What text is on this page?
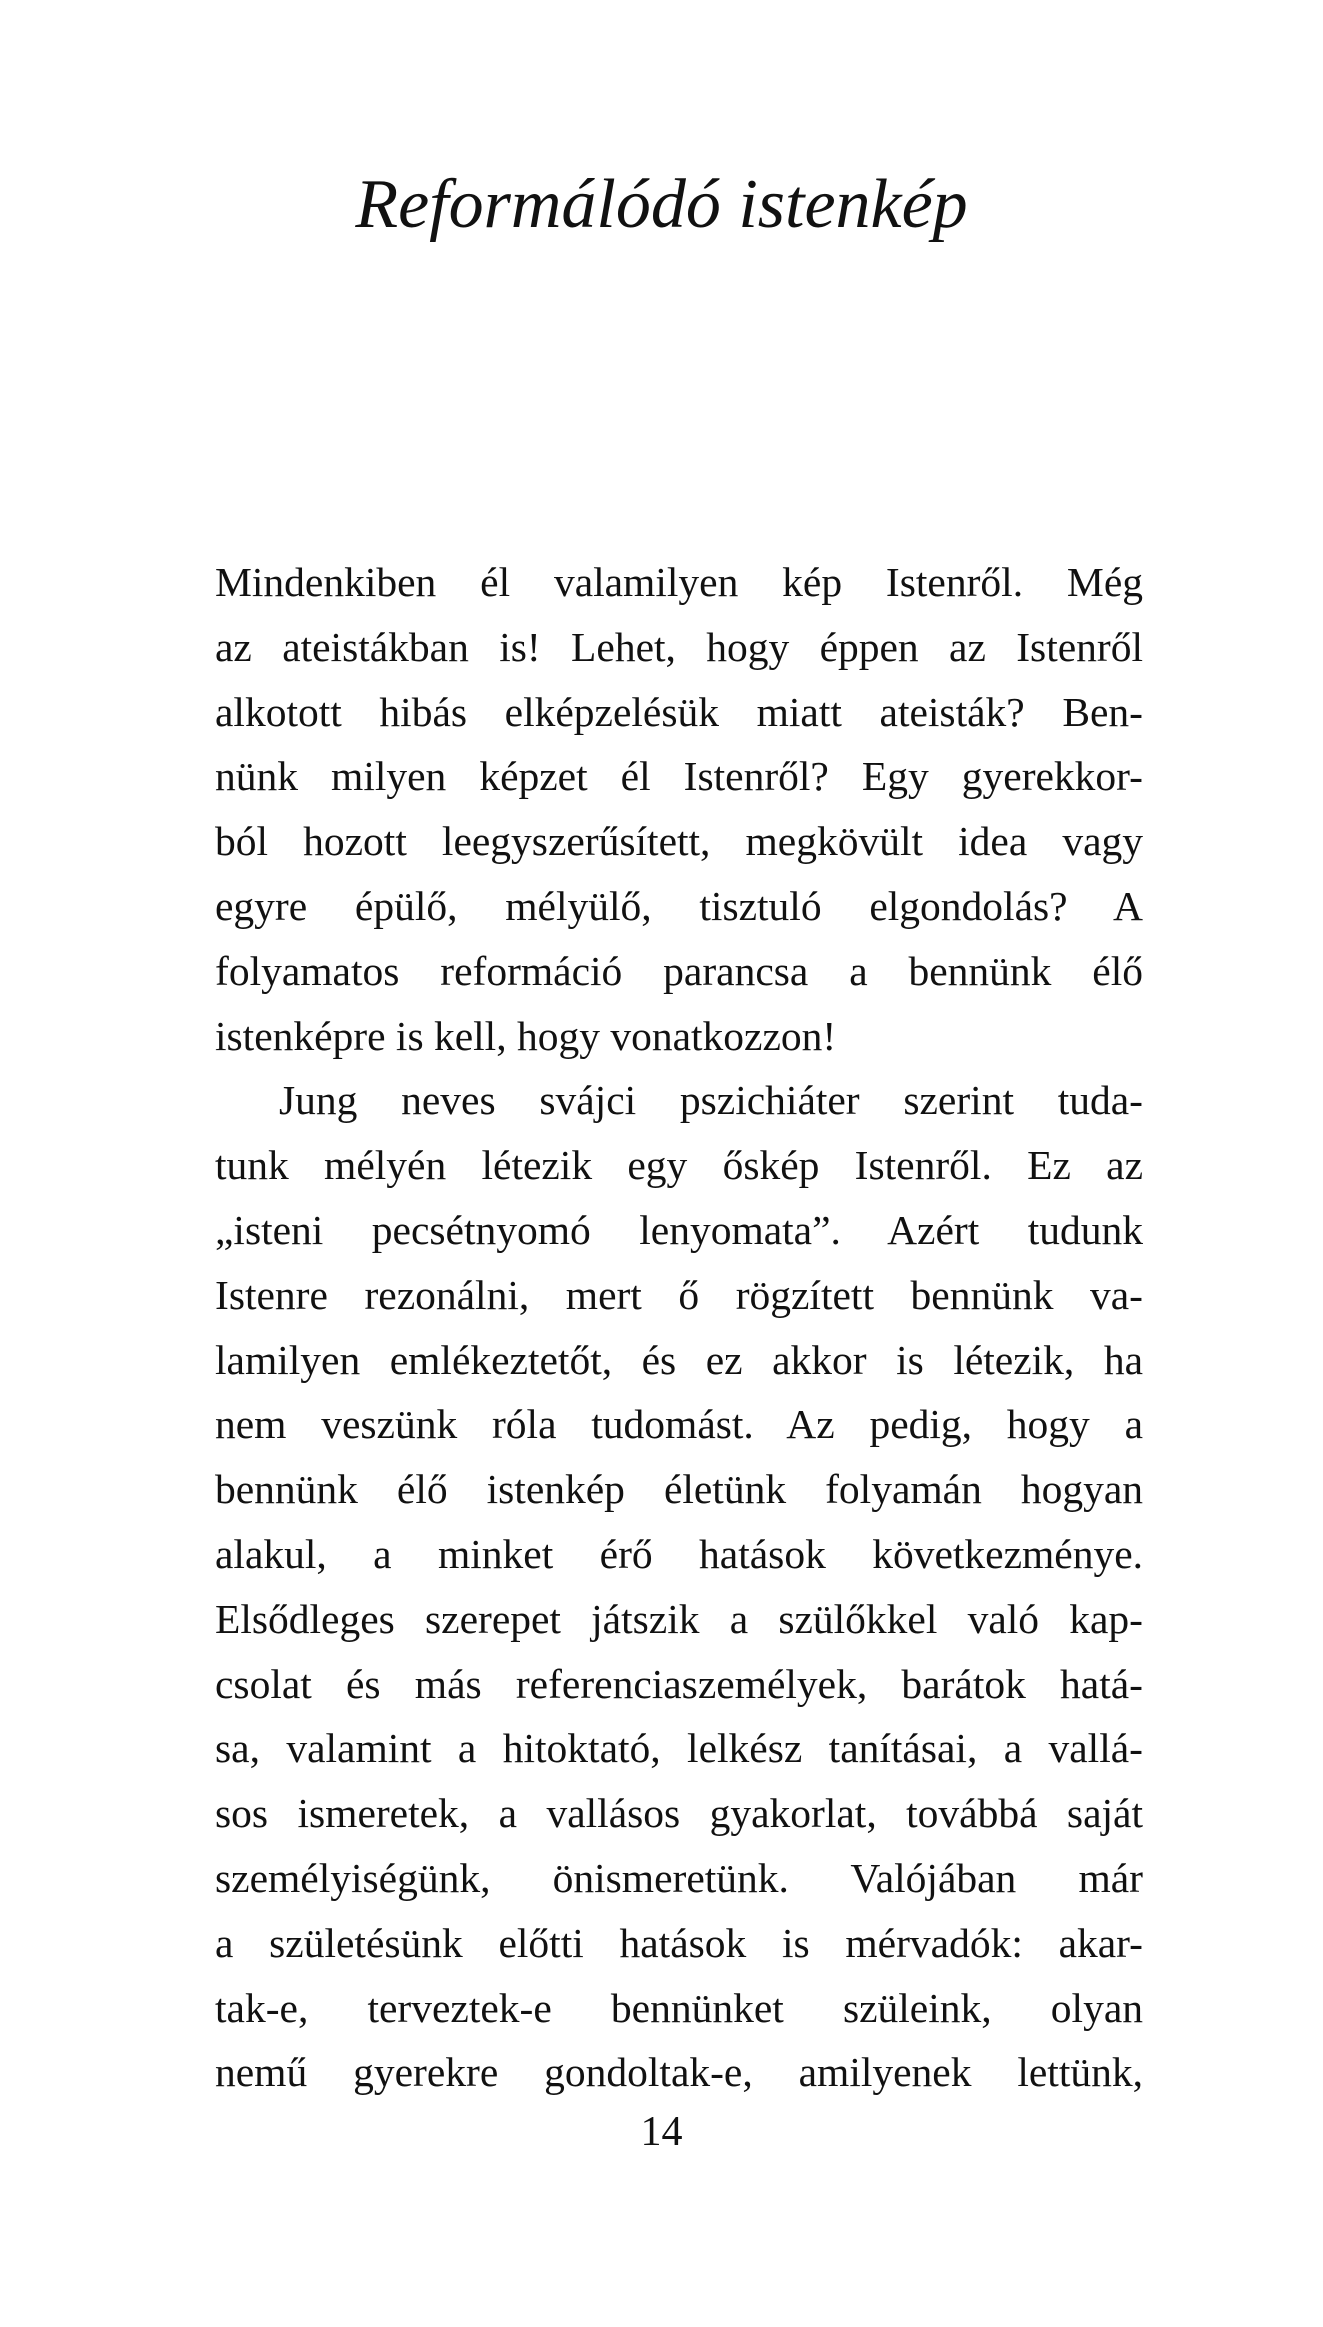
Reformálódó istenkép
Mindenkiben él valamilyen kép Istenről. Még
az ateistákban is! Lehet, hogy éppen az Istenről
alkotott hibás elképzelésük miatt ateisták? Ben-
nünk milyen képzet él Istenről? Egy gyerekkor-
ból hozott leegyszerűsített, megkövült idea vagy
egyre épülő, mélyülő, tisztuló elgondolás? A
folyamatos reformáció parancsa a bennünk élő
istenképre is kell, hogy vonatkozzon!
Jung neves svájci pszichiáter szerint tuda-
tunk mélyén létezik egy őskép Istenről. Ez az
„isteni pecsétnyomó lenyomata”. Azért tudunk
Istenre rezonálni, mert ő rögzített bennünk va-
lamilyen emlékeztetőt, és ez akkor is létezik, ha
nem veszünk róla tudomást. Az pedig, hogy a
bennünk élő istenkép életünk folyamán hogyan
alakul, a minket érő hatások következménye.
Elsődleges szerepet játszik a szülőkkel való kap-
csolat és más referenciaszemélyek, barátok hatá-
sa, valamint a hitoktató, lelkész tanításai, a vallá-
sos ismeretek, a vallásos gyakorlat, továbbá saját
személyiségünk, önismeretünk. Valójában már
a születésünk előtti hatások is mérvadók: akar-
tak-e, terveztek-e bennünket szüleink, olyan
nemű gyerekre gondoltak-e, amilyenek lettünk,
14
